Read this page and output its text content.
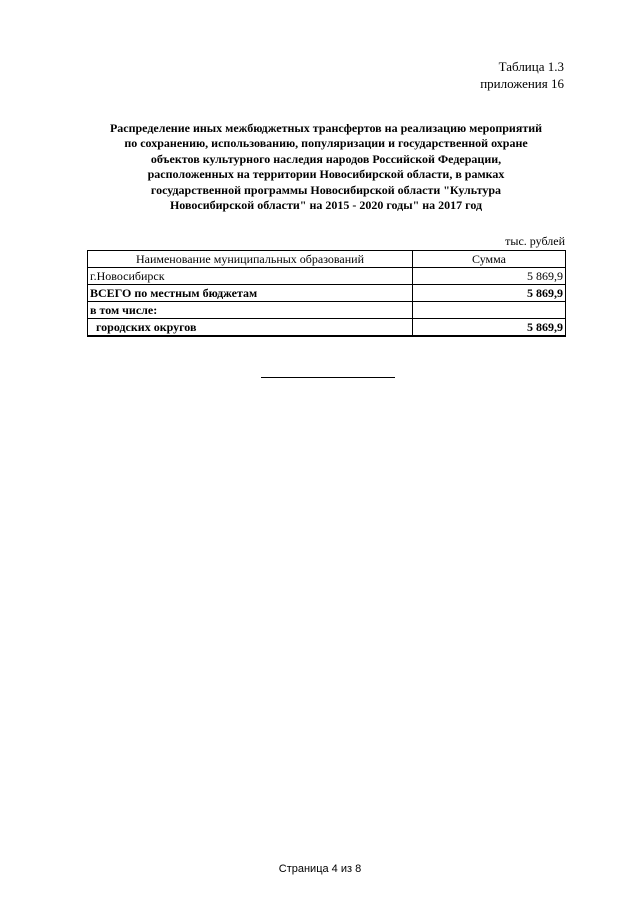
Таблица 1.3
приложения 16
Распределение иных межбюджетных трансфертов на реализацию мероприятий
по сохранению, использованию, популяризации и государственной охране
объектов культурного наследия народов Российской Федерации,
расположенных на территории Новосибирской области, в рамках
государственной программы Новосибирской области "Культура
Новосибирской области" на 2015 - 2020 годы" на 2017 год
тыс. рублей
Наименование муниципальных образований	Сумма
г.Новосибирск	5 869,9
ВСЕГО по местным бюджетам	5 869,9
в том числе:	
городских округов	5 869,9
Страница 4 из 8
